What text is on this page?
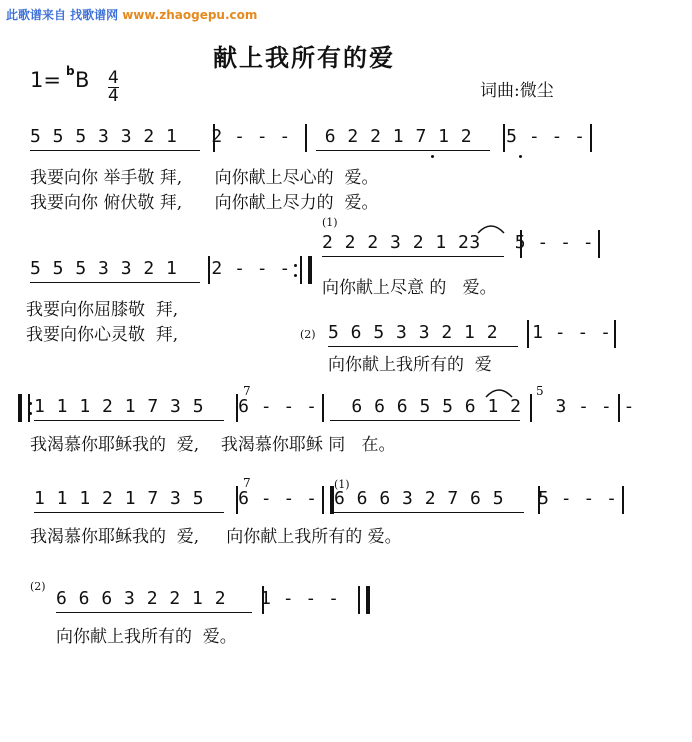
此歌谱来自 找歌谱网 www.zhaogepu.com
献上我所有的爱
词曲:微尘
1= B
b $\frac{4}{4}$
5 5 5 3 3 2 1   2 - - -   6 2 2 1 7 1 2   5 - - -
我要向你 举手敬 拜,      向你献上尽心的  爱。
我要向你 俯伏敬 拜,      向你献上尽力的  爱。
(1)
2 2 2 3 2 1 23   5 - - -
向你献上尽意 的   爱。
5 5 5 3 3 2 1   2 - - -
我要向你屈膝敬  拜,
我要向你心灵敬  拜,	(2) 5 6 5 3 3 2 1 2   1 - - -
向你献上我所有的  爱
1 1 1 2 1 7 3 5   6 - - -   6 6 6 5 5 6 1 2   3 - - -
7	5
我渴慕你耶稣我的  爱,    我渴慕你耶稣 同   在。
1 1 1 2 1 7 3 5   6 - - -
7	(1)
6 6 6 3 2 7 6 5   5 - - -
我渴慕你耶稣我的  爱,     向你献上我所有的 爱。
(2)
6 6 6 3 2 2 1 2   1 - - -
向你献上我所有的  爱。
